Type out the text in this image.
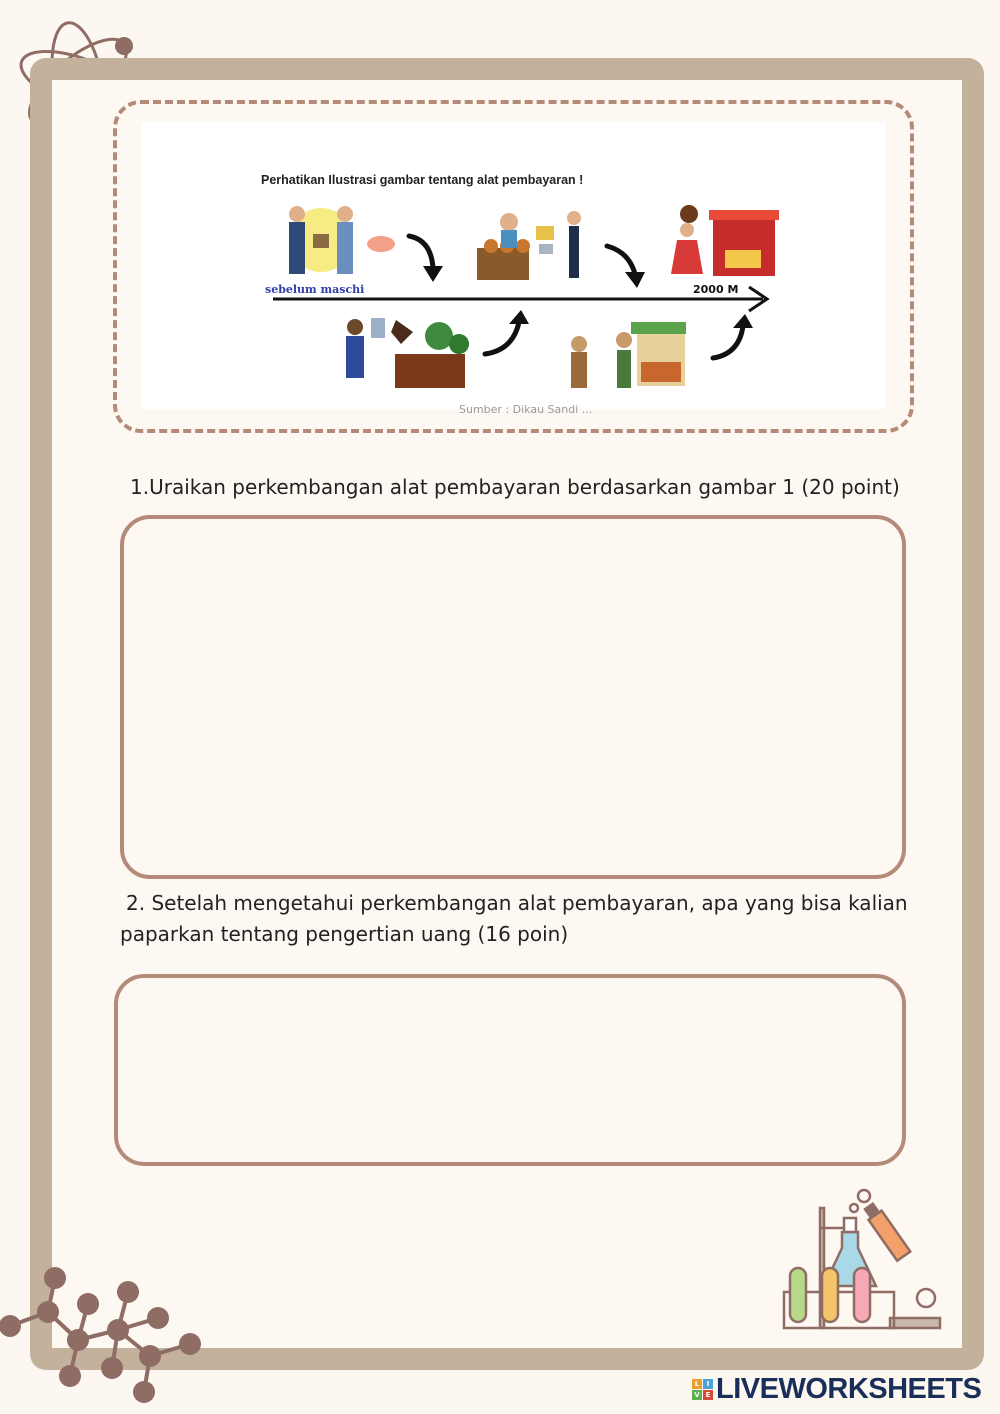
Perhatikan Ilustrasi gambar tentang alat pembayaran !
sebelum maschi	2000 M
Sumber : Dikau Sandi ...
1.Uraikan perkembangan alat pembayaran berdasarkan gambar 1 (20 point)
2. Setelah mengetahui perkembangan alat pembayaran, apa yang bisa kalian
paparkan tentang pengertian uang (16 poin)
L	I
V E LIVEWORKSHEETS
